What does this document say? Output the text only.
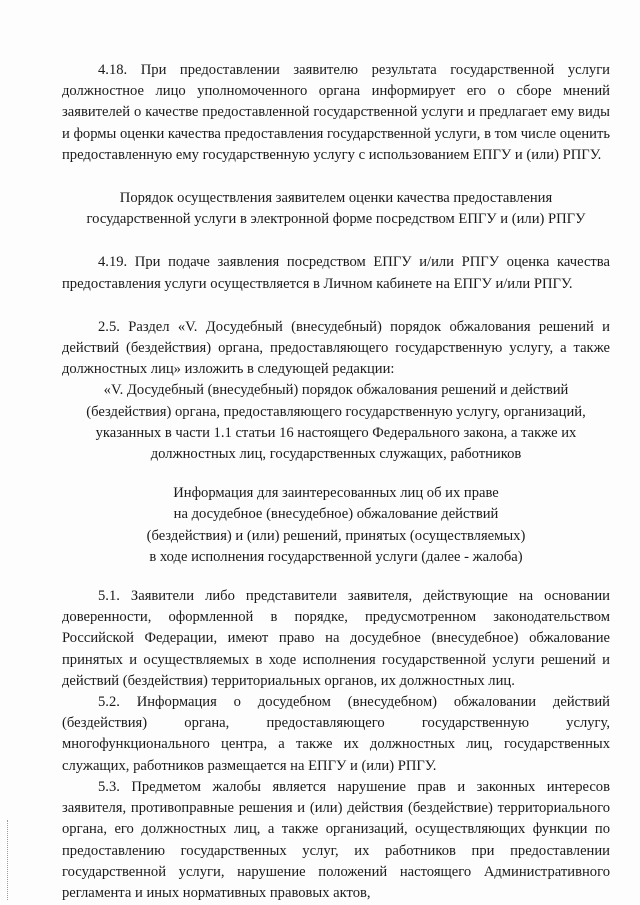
4.18. При предоставлении заявителю результата государственной услуги должностное лицо уполномоченного органа информирует его о сборе мнений заявителей о качестве предоставленной государственной услуги и предлагает ему виды и формы оценки качества предоставления государственной услуги, в том числе оценить предоставленную ему государственную услугу с использованием ЕПГУ и (или) РПГУ.

Порядок осуществления заявителем оценки качества предоставления

государственной услуги в электронной форме посредством ЕПГУ и (или) РПГУ

4.19. При подаче заявления посредством ЕПГУ и/или РПГУ оценка качества предоставления услуги осуществляется в Личном кабинете на ЕПГУ и/или РПГУ.

2.5. Раздел «V. Досудебный (внесудебный) порядок обжалования решений и действий (бездействия) органа, предоставляющего государственную услугу, а также должностных лиц» изложить в следующей редакции:

«V. Досудебный (внесудебный) порядок обжалования решений и действий

(бездействия) органа, предоставляющего государственную услугу, организаций,

указанных в части 1.1 статьи 16 настоящего Федерального закона, а также их

должностных лиц, государственных служащих, работников

Информация для заинтересованных лиц об их праве

на досудебное (внесудебное) обжалование действий

(бездействия) и (или) решений, принятых (осуществляемых)

в ходе исполнения государственной услуги (далее - жалоба)

5.1. Заявители либо представители заявителя, действующие на основании доверенности, оформленной в порядке, предусмотренном законодательством Российской Федерации, имеют право на досудебное (внесудебное) обжалование принятых и осуществляемых в ходе исполнения государственной услуги решений и действий (бездействия) территориальных органов, их должностных лиц.

5.2. Информация о досудебном (внесудебном) обжаловании действий (бездействия) органа, предоставляющего государственную услугу, многофункционального центра, а также их должностных лиц, государственных служащих, работников размещается на ЕПГУ и (или) РПГУ.

5.3. Предметом жалобы является нарушение прав и законных интересов заявителя, противоправные решения и (или) действия (бездействие) территориального органа, его должностных лиц, а также организаций, осуществляющих функции по предоставлению государственных услуг, их работников при предоставлении государственной услуги, нарушение положений настоящего Административного регламента и иных нормативных правовых актов,
